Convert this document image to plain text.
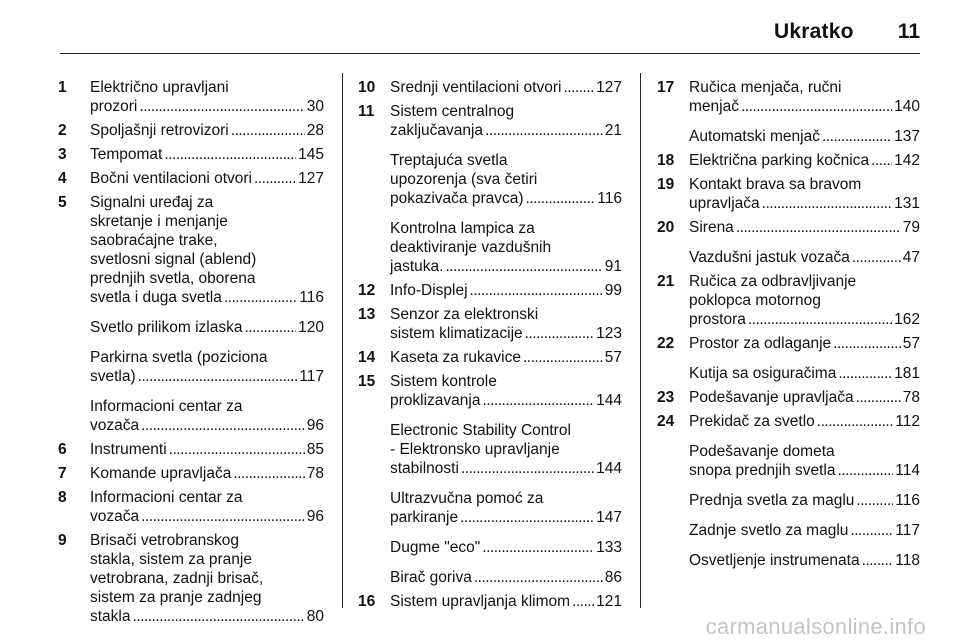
Ukratko 11
1 Električno upravljani
prozori . . .	30
2 Spoljašnji retrovizori . . .	28
3 Tempomat . . .	145
4 Bočni ventilacioni otvori . . .	127
5 Signalni uređaj za
skretanje i menjanje
saobraćajne trake,
svetlosni signal (ablend)
prednjih svetla, oborena
svetla i duga svetla . . .	116
Svetlo prilikom izlaska . . .	120
Parkirna svetla (poziciona
svetla) . . .	117
Informacioni centar za
vozača . . .	96
6 Instrumenti . . .	85
7 Komande upravljača . . .	78
8 Informacioni centar za
vozača . . .	96
9 Brisači vetrobranskog
stakla, sistem za pranje
vetrobrana, zadnji brisač,
sistem za pranje zadnjeg
stakla . . .	80
10 Srednji ventilacioni otvori . . . 127
11 Sistem centralnog
zaključavanja . . .	21
Treptajuća svetla
upozorenja (sva četiri
pokazivača pravca) . . .	116
Kontrolna lampica za
deaktiviranje vazdušnih
jastuka. . . .	91
12 Info-Displej . . .	99
13 Senzor za elektronski
sistem klimatizacije . . .	123
14 Kaseta za rukavice . . .	57
15 Sistem kontrole
proklizavanja . . .	144
Electronic Stability Control
- Elektronsko upravljanje
stabilnosti . . .	144
Ultrazvučna pomoć za
parkiranje . . .	147
Dugme "eco" . . .	133
Birač goriva . . .	86
16 Sistem upravljanja klimom . . . 121
17 Ručica menjača, ručni
menjač . . .	140
Automatski menjač . . .	137
18 Električna parking kočnica . . . 142
19 Kontakt brava sa bravom
upravljača . . .	131
20 Sirena . . .	79
Vazdušni jastuk vozača . . .	47
21 Ručica za odbravljivanje
poklopca motornog
prostora . . .	162
22 Prostor za odlaganje . . .	57
Kutija sa osiguračima . . .	181
23 Podešavanje upravljača . . .	78
24 Prekidač za svetlo . . .	112
Podešavanje dometa
snopa prednjih svetla . . .	114
Prednja svetla za maglu . . .	116
Zadnje svetlo za maglu . . .	117
Osvetljenje instrumenata . . . 118
carmanualsonline.info
